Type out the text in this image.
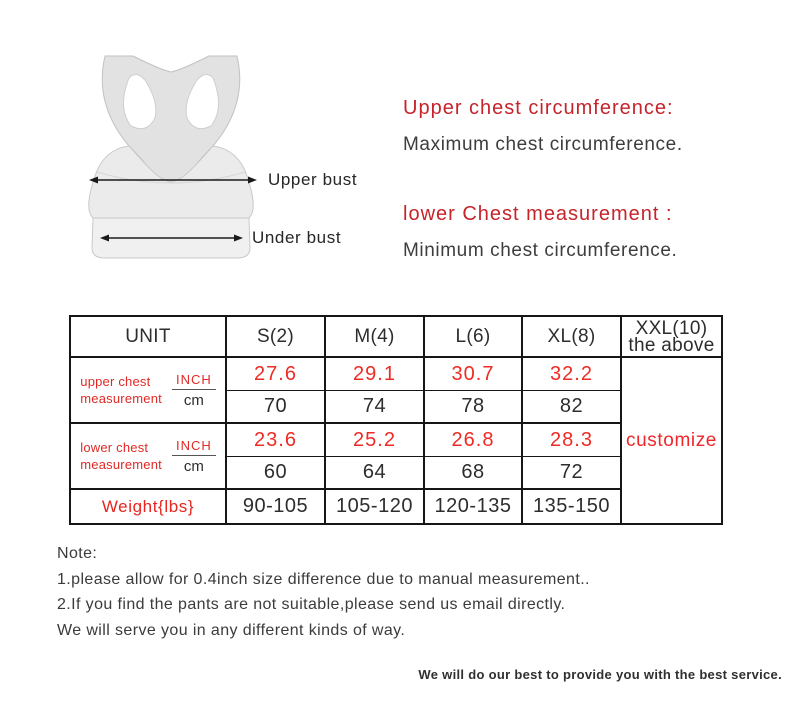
Upper bust
Under bust
Upper chest circumference:
Maximum chest circumference.
lower Chest measurement :
Minimum chest circumference.
UNIT	S(2)	M(4)	L(6)	XL(8)	XXL(10)
the above

upper chest
measurement $\frac{\text{INCH}}{cm}$	27.6	29.1	30.7	32.2	customize
	70	74	78	82	

lower chest
measurement $\frac{\text{INCH}}{cm}$	23.6	25.2	26.8	28.3	
	60	64	68	72	
Weight{lbs}	90-105	105-120	120-135	135-150	
Note:
1.please allow for 0.4inch size difference due to manual measurement..
2.If you find the pants are not suitable,please send us email directly.
We will serve you in any different kinds of way.
We will do our best to provide you with the best service.
